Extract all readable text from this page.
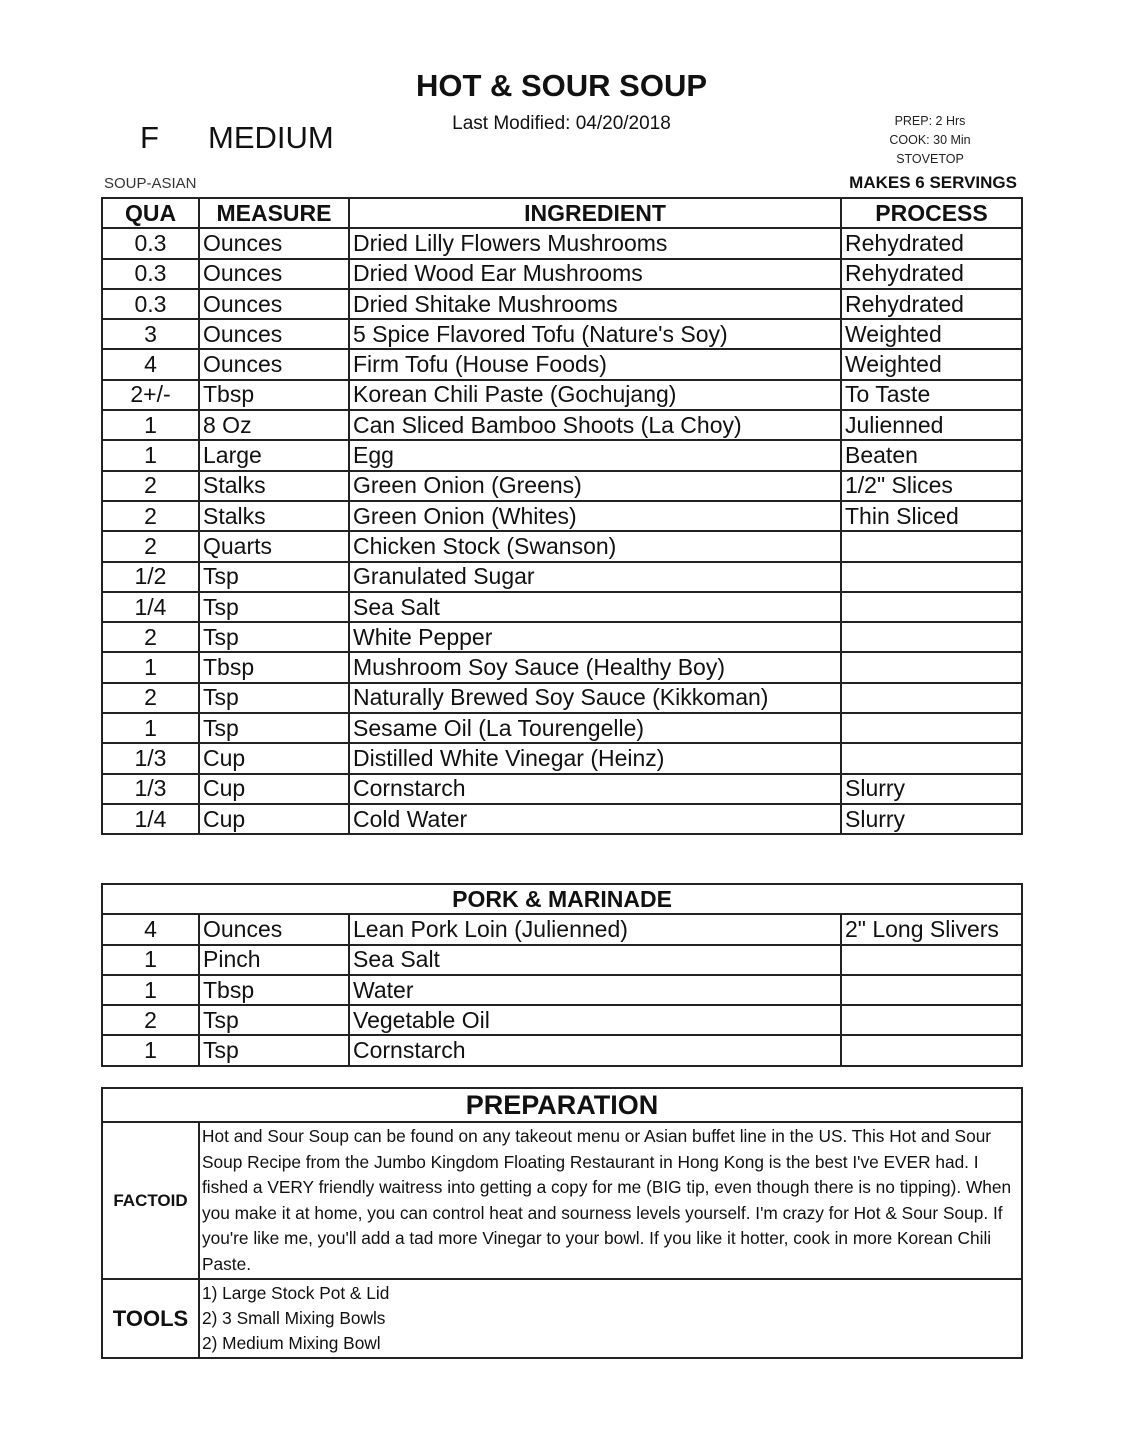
HOT & SOUR SOUP
Last Modified: 04/20/2018
F MEDIUM	PREP: 2 Hrs
COOK: 30 Min
STOVETOP
SOUP-ASIAN	MAKES 6 SERVINGS
QUA	MEASURE	INGREDIENT	PROCESS
0.3	Ounces	Dried Lilly Flowers Mushrooms	Rehydrated
0.3	Ounces	Dried Wood Ear Mushrooms	Rehydrated
0.3	Ounces	Dried Shitake Mushrooms	Rehydrated
3	Ounces	5 Spice Flavored Tofu (Nature's Soy)	Weighted
4	Ounces	Firm Tofu (House Foods)	Weighted
2+/-	Tbsp	Korean Chili Paste (Gochujang)	To Taste
1	8 Oz	Can Sliced Bamboo Shoots (La Choy)	Julienned
1	Large	Egg	Beaten
2	Stalks	Green Onion (Greens)	1/2" Slices
2	Stalks	Green Onion (Whites)	Thin Sliced
2	Quarts	Chicken Stock (Swanson)	
1/2	Tsp	Granulated Sugar	
1/4	Tsp	Sea Salt	
2	Tsp	White Pepper	
1	Tbsp	Mushroom Soy Sauce (Healthy Boy)	
2	Tsp	Naturally Brewed Soy Sauce (Kikkoman)	
1	Tsp	Sesame Oil (La Tourengelle)	
1/3	Cup	Distilled White Vinegar (Heinz)	
1/3	Cup	Cornstarch	Slurry
1/4	Cup	Cold Water	Slurry
PORK & MARINADE			
4	Ounces	Lean Pork Loin (Julienned)	2" Long Slivers
1	Pinch	Sea Salt	
1	Tbsp	Water	
2	Tsp	Vegetable Oil	
1	Tsp	Cornstarch	
PREPARATION	
FACTOID	Hot and Sour Soup can be found on any takeout menu or Asian buffet line in the US. This Hot and Sour Soup Recipe from the Jumbo Kingdom Floating Restaurant in Hong Kong is the best I've EVER had. I fished a VERY friendly waitress into getting a copy for me (BIG tip, even though there is no tipping). When you make it at home, you can control heat and sourness levels yourself. I'm crazy for Hot & Sour Soup. If you're like me, you'll add a tad more Vinegar to your bowl. If you like it hotter, cook in more Korean Chili Paste.
TOOLS	1) Large Stock Pot & Lid
2) 3 Small Mixing Bowls
2) Medium Mixing Bowl
